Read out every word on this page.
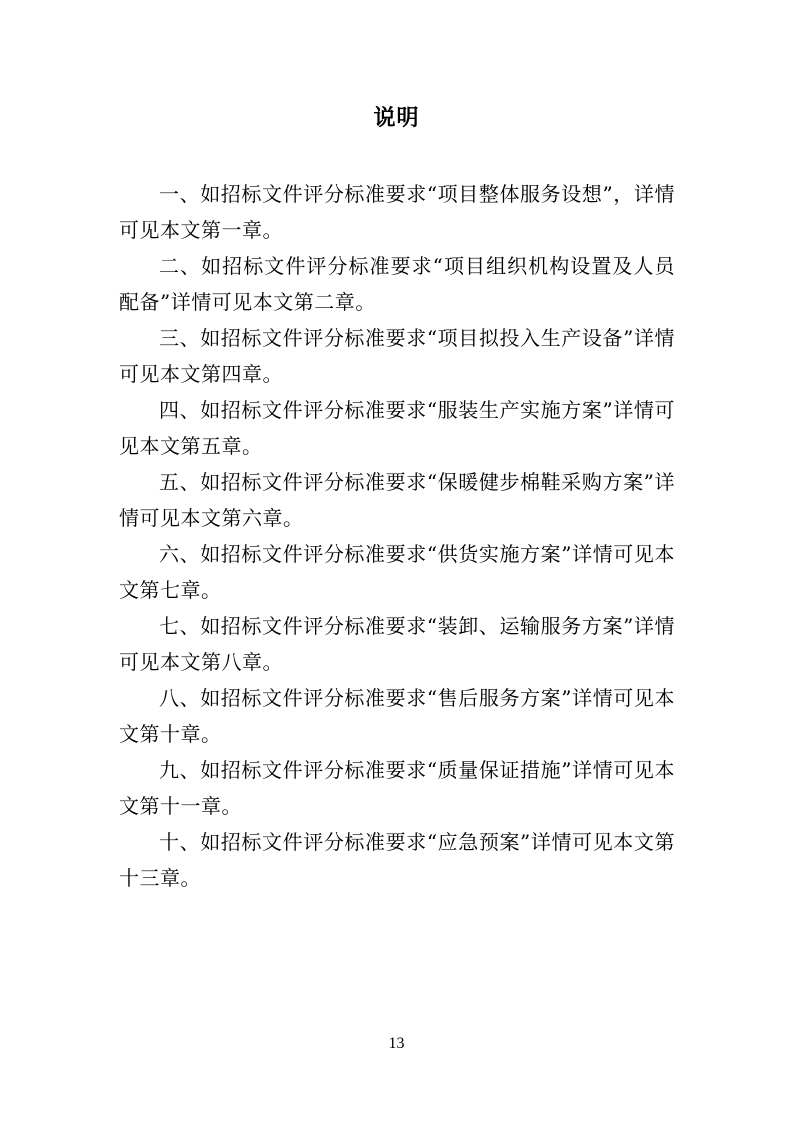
说明

一、如招标文件评分标准要求“项目整体服务设想”，详情可见本文第一章。

二、如招标文件评分标准要求“项目组织机构设置及人员配备”详情可见本文第二章。

三、如招标文件评分标准要求“项目拟投入生产设备”详情可见本文第四章。

四、如招标文件评分标准要求“服装生产实施方案”详情可见本文第五章。

五、如招标文件评分标准要求“保暖健步棉鞋采购方案”详情可见本文第六章。

六、如招标文件评分标准要求“供货实施方案”详情可见本文第七章。

七、如招标文件评分标准要求“装卸、运输服务方案”详情可见本文第八章。

八、如招标文件评分标准要求“售后服务方案”详情可见本文第十章。

九、如招标文件评分标准要求“质量保证措施”详情可见本文第十一章。

十、如招标文件评分标准要求“应急预案”详情可见本文第十三章。

13
